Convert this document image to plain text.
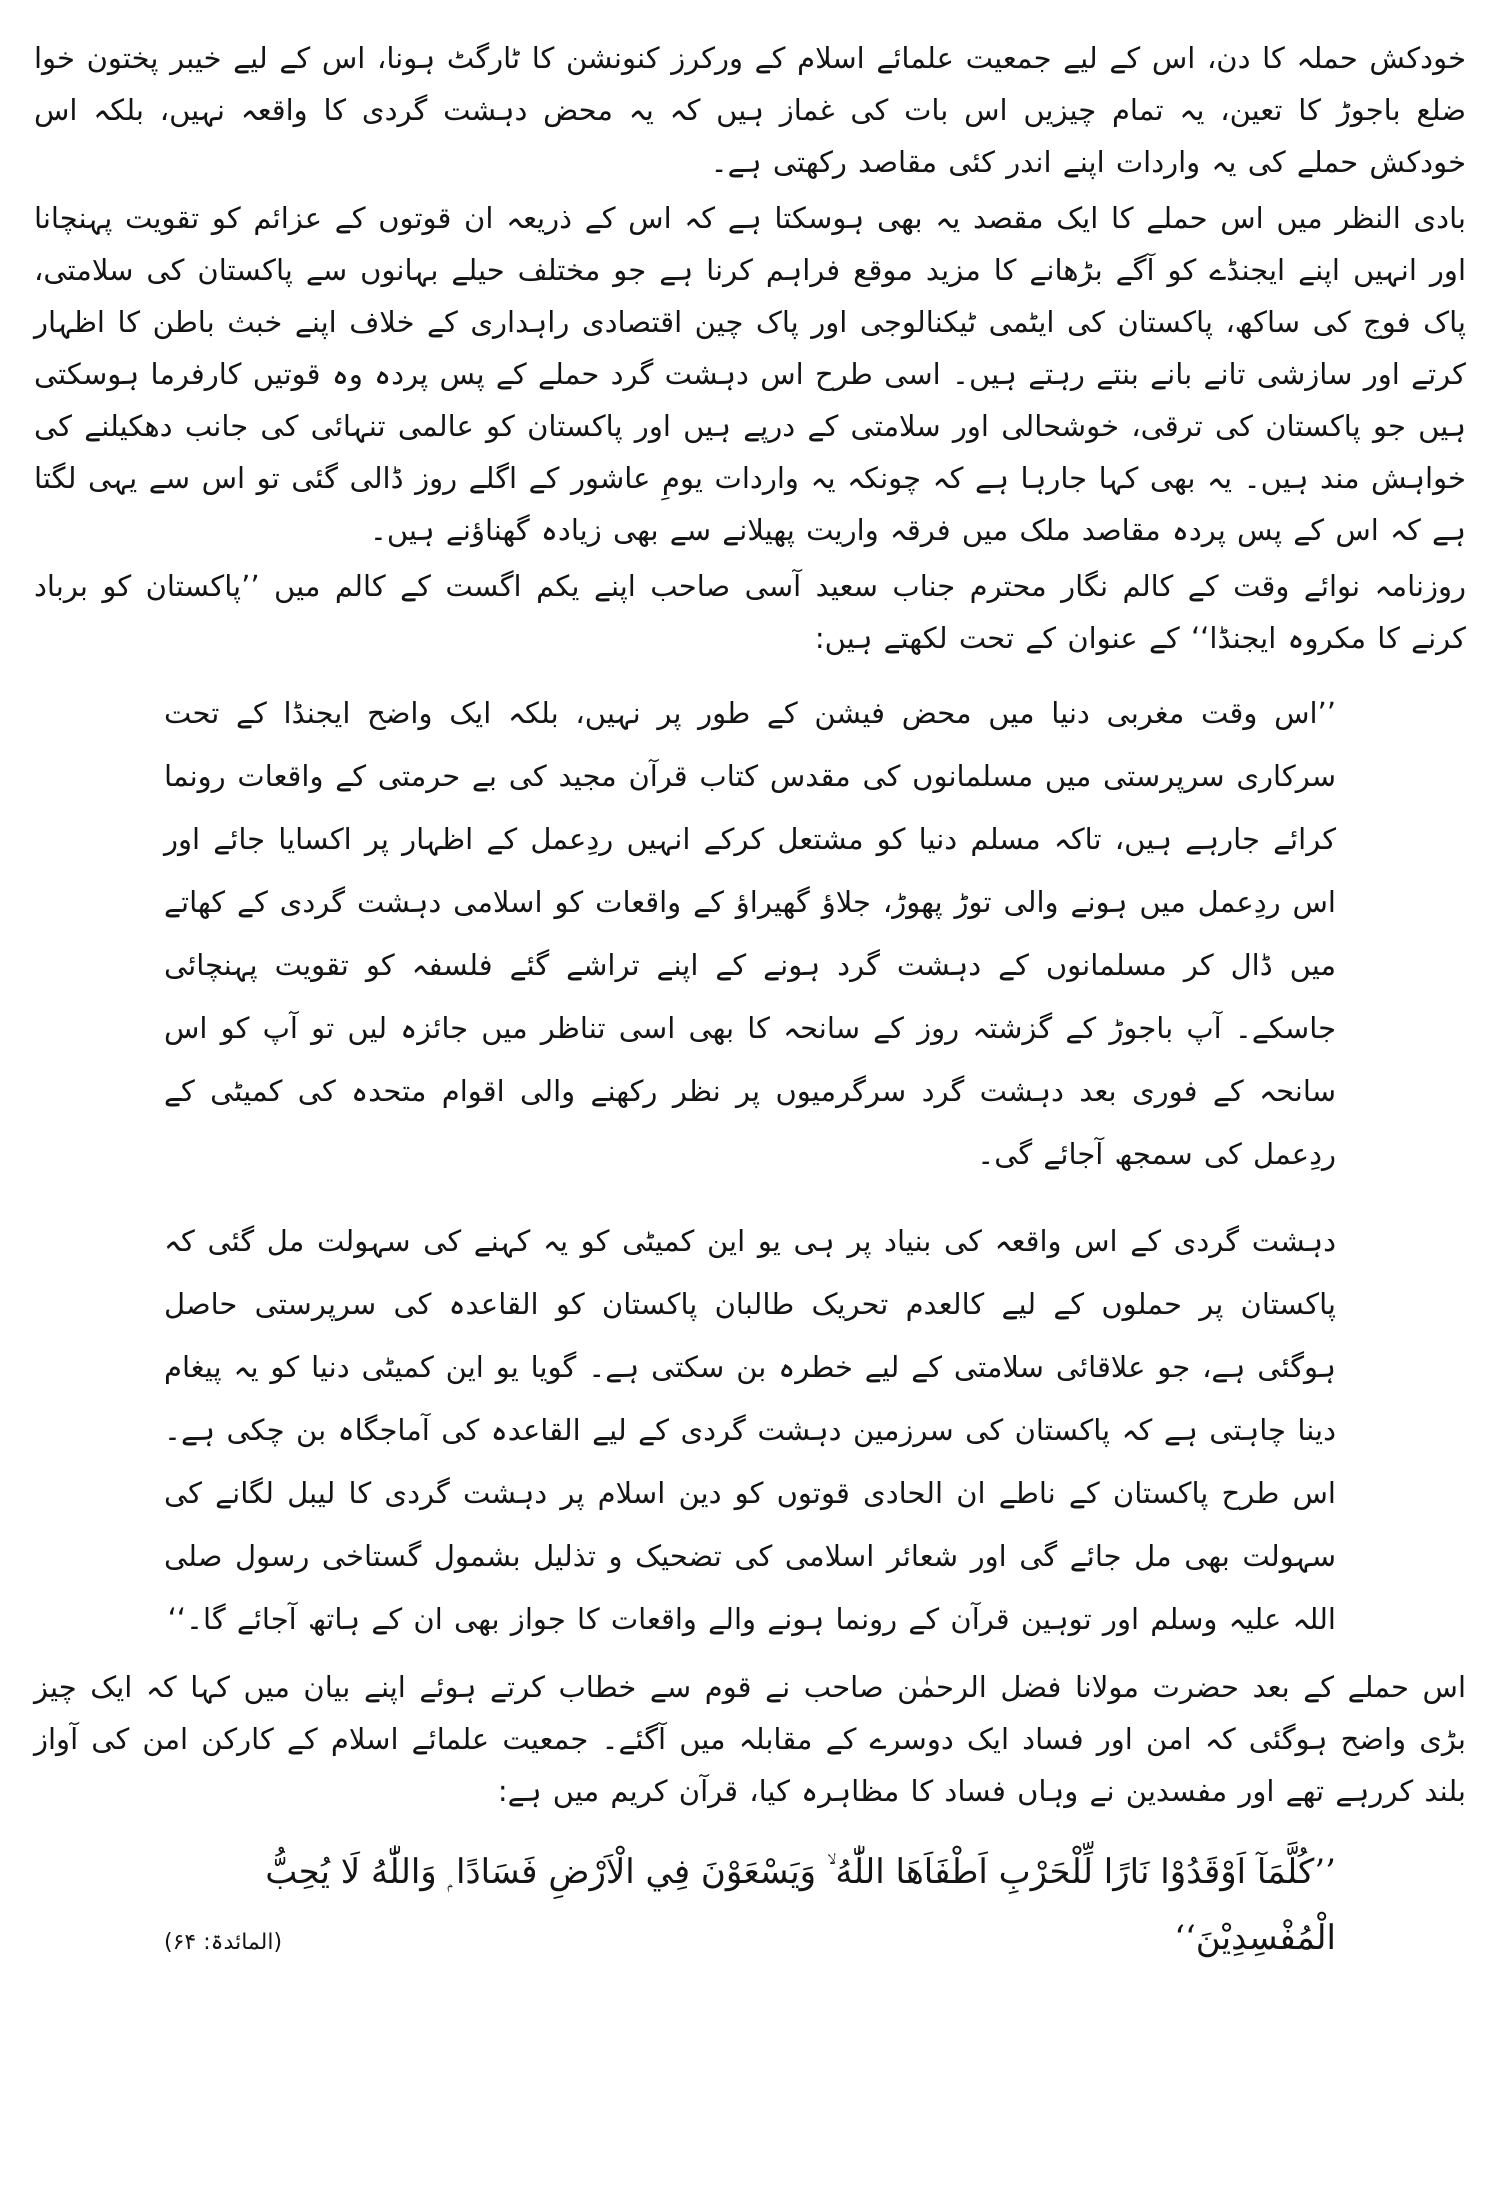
خودکش حملہ کا دن، اس کے لیے جمعیت علمائے اسلام کے ورکرز کنونشن کا ٹارگٹ ہونا، اس کے لیے خیبر پختون خوا ضلع باجوڑ کا تعین، یہ تمام چیزیں اس بات کی غماز ہیں کہ یہ محض دہشت گردی کا واقعہ نہیں، بلکہ اس خودکش حملے کی یہ واردات اپنے اندر کئی مقاصد رکھتی ہے۔

بادی النظر میں اس حملے کا ایک مقصد یہ بھی ہوسکتا ہے کہ اس کے ذریعہ ان قوتوں کے عزائم کو تقویت پہنچانا اور انہیں اپنے ایجنڈے کو آگے بڑھانے کا مزید موقع فراہم کرنا ہے جو مختلف حیلے بہانوں سے پاکستان کی سلامتی، پاک فوج کی ساکھ، پاکستان کی ایٹمی ٹیکنالوجی اور پاک چین اقتصادی راہداری کے خلاف اپنے خبث باطن کا اظہار کرتے اور سازشی تانے بانے بنتے رہتے ہیں۔ اسی طرح اس دہشت گرد حملے کے پس پردہ وہ قوتیں کارفرما ہوسکتی ہیں جو پاکستان کی ترقی، خوشحالی اور سلامتی کے درپے ہیں اور پاکستان کو عالمی تنہائی کی جانب دھکیلنے کی خواہش مند ہیں۔ یہ بھی کہا جارہا ہے کہ چونکہ یہ واردات یومِ عاشور کے اگلے روز ڈالی گئی تو اس سے یہی لگتا ہے کہ اس کے پس پردہ مقاصد ملک میں فرقہ واریت پھیلانے سے بھی زیادہ گھناؤنے ہیں۔

روزنامہ نوائے وقت کے کالم نگار محترم جناب سعید آسی صاحب اپنے یکم اگست کے کالم میں ’’پاکستان کو برباد کرنے کا مکروہ ایجنڈا‘‘ کے عنوان کے تحت لکھتے ہیں:

’’اس وقت مغربی دنیا میں محض فیشن کے طور پر نہیں، بلکہ ایک واضح ایجنڈا کے تحت سرکاری سرپرستی میں مسلمانوں کی مقدس کتاب قرآن مجید کی بے حرمتی کے واقعات رونما کرائے جارہے ہیں، تاکہ مسلم دنیا کو مشتعل کرکے انہیں ردِعمل کے اظہار پر اکسایا جائے اور اس ردِعمل میں ہونے والی توڑ پھوڑ، جلاؤ گھیراؤ کے واقعات کو اسلامی دہشت گردی کے کھاتے میں ڈال کر مسلمانوں کے دہشت گرد ہونے کے اپنے تراشے گئے فلسفہ کو تقویت پہنچائی جاسکے۔ آپ باجوڑ کے گزشتہ روز کے سانحہ کا بھی اسی تناظر میں جائزہ لیں تو آپ کو اس سانحہ کے فوری بعد دہشت گرد سرگرمیوں پر نظر رکھنے والی اقوام متحدہ کی کمیٹی کے ردِعمل کی سمجھ آجائے گی۔

دہشت گردی کے اس واقعہ کی بنیاد پر ہی یو این کمیٹی کو یہ کہنے کی سہولت مل گئی کہ پاکستان پر حملوں کے لیے کالعدم تحریک طالبان پاکستان کو القاعدہ کی سرپرستی حاصل ہوگئی ہے، جو علاقائی سلامتی کے لیے خطرہ بن سکتی ہے۔ گویا یو این کمیٹی دنیا کو یہ پیغام دینا چاہتی ہے کہ پاکستان کی سرزمین دہشت گردی کے لیے القاعدہ کی آماجگاہ بن چکی ہے۔ اس طرح پاکستان کے ناطے ان الحادی قوتوں کو دین اسلام پر دہشت گردی کا لیبل لگانے کی سہولت بھی مل جائے گی اور شعائر اسلامی کی تضحیک و تذلیل بشمول گستاخی رسول صلی اللہ علیہ وسلم اور توہین قرآن کے رونما ہونے والے واقعات کا جواز بھی ان کے ہاتھ آجائے گا۔‘‘

اس حملے کے بعد حضرت مولانا فضل الرحمٰن صاحب نے قوم سے خطاب کرتے ہوئے اپنے بیان میں کہا کہ ایک چیز بڑی واضح ہوگئی کہ امن اور فساد ایک دوسرے کے مقابلہ میں آگئے۔ جمعیت علمائے اسلام کے کارکن امن کی آواز بلند کررہے تھے اور مفسدین نے وہاں فساد کا مظاہرہ کیا، قرآن کریم میں ہے:

’’كُلَّمَآ اَوْقَدُوْا نَارًا لِّلْحَرْبِ اَطْفَاَهَا اللّٰهُ ۙ وَيَسْعَوْنَ فِي الْاَرْضِ فَسَادًا ۭ وَاللّٰهُ لَا يُحِبُّ
الْمُفْسِدِيْنَ‘‘
(المائدۃ: ۶۴)
